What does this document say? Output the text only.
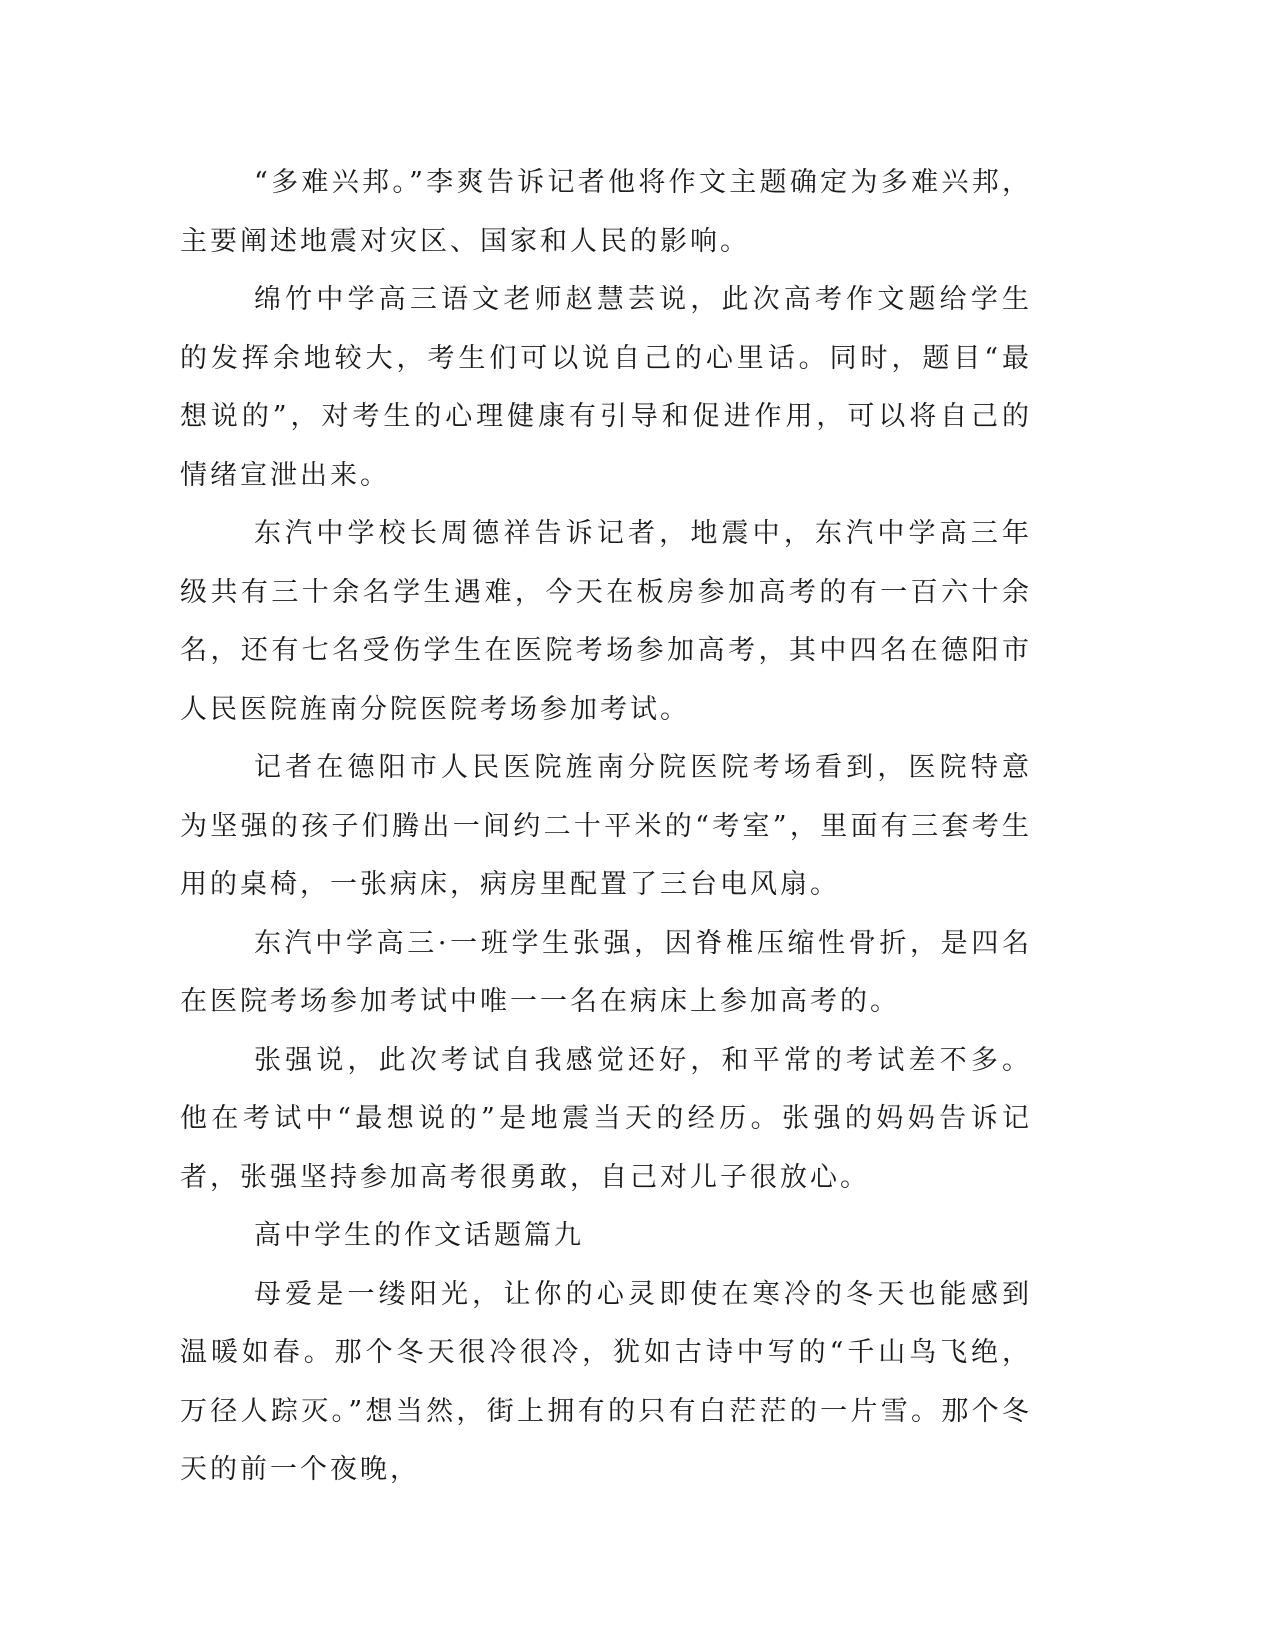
“多难兴邦。”李爽告诉记者他将作文主题确定为多难兴邦，主要阐述地震对灾区、国家和人民的影响。

绵竹中学高三语文老师赵慧芸说，此次高考作文题给学生的发挥余地较大，考生们可以说自己的心里话。同时，题目“最想说的”，对考生的心理健康有引导和促进作用，可以将自己的情绪宣泄出来。

东汽中学校长周德祥告诉记者，地震中，东汽中学高三年级共有三十余名学生遇难，今天在板房参加高考的有一百六十余名，还有七名受伤学生在医院考场参加高考，其中四名在德阳市人民医院旌南分院医院考场参加考试。

记者在德阳市人民医院旌南分院医院考场看到，医院特意为坚强的孩子们腾出一间约二十平米的“考室”，里面有三套考生用的桌椅，一张病床，病房里配置了三台电风扇。

东汽中学高三·一班学生张强，因脊椎压缩性骨折，是四名在医院考场参加考试中唯一一名在病床上参加高考的。

张强说，此次考试自我感觉还好，和平常的考试差不多。他在考试中“最想说的”是地震当天的经历。张强的妈妈告诉记者，张强坚持参加高考很勇敢，自己对儿子很放心。

高中学生的作文话题篇九

母爱是一缕阳光，让你的心灵即使在寒冷的冬天也能感到温暖如春。那个冬天很冷很冷，犹如古诗中写的“千山鸟飞绝，万径人踪灭。”想当然，街上拥有的只有白茫茫的一片雪。那个冬天的前一个夜晚，
